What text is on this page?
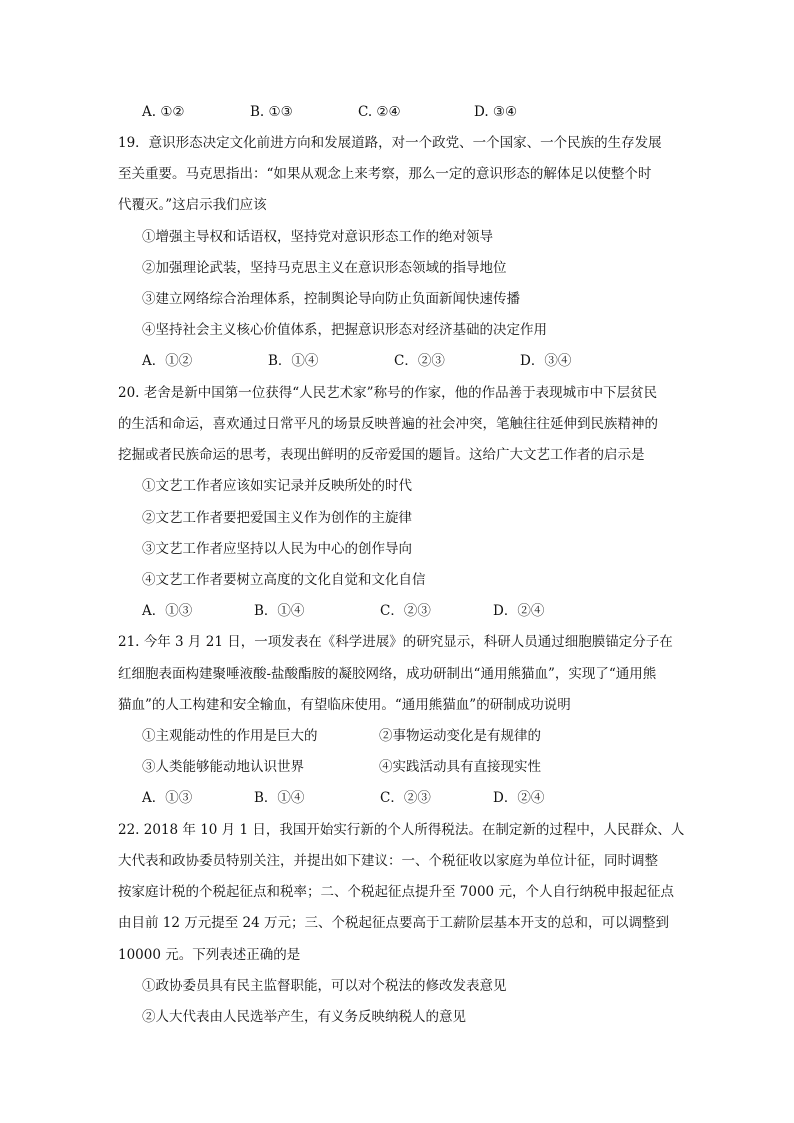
A. ①②	B. ①③	C. ②④	D. ③④
19．意识形态决定文化前进方向和发展道路，对一个政党、一个国家、一个民族的生存发展
至关重要。马克思指出：“如果从观念上来考察，那么一定的意识形态的解体足以使整个时
代覆灭。”这启示我们应该
①增强主导权和话语权，坚持党对意识形态工作的绝对领导
②加强理论武装，坚持马克思主义在意识形态领域的指导地位
③建立网络综合治理体系，控制舆论导向防止负面新闻快速传播
④坚持社会主义核心价值体系，把握意识形态对经济基础的决定作用
A．①②	B．①④	C．②③	D．③④
20. 老舍是新中国第一位获得“人民艺术家”称号的作家，他的作品善于表现城市中下层贫民
的生活和命运，喜欢通过日常平凡的场景反映普遍的社会冲突，笔触往往延伸到民族精神的
挖掘或者民族命运的思考，表现出鲜明的反帝爱国的题旨。这给广大文艺工作者的启示是
①文艺工作者应该如实记录并反映所处的时代
②文艺工作者要把爱国主义作为创作的主旋律
③文艺工作者应坚持以人民为中心的创作导向
④文艺工作者要树立高度的文化自觉和文化自信
A．①③	B．①④	C．②③	D．②④
21. 今年 3 月 21 日，一项发表在《科学进展》的研究显示，科研人员通过细胞膜锚定分子在
红细胞表面构建聚唾液酸-盐酸酯胺的凝胶网络，成功研制出“通用熊猫血”，实现了“通用熊
猫血”的人工构建和安全输血，有望临床使用。“通用熊猫血”的研制成功说明
①主观能动性的作用是巨大的	②事物运动变化是有规律的
③人类能够能动地认识世界	④实践活动具有直接现实性
A．①③	B．①④	C．②③	D．②④
22. 2018 年 10 月 1 日，我国开始实行新的个人所得税法。在制定新的过程中，人民群众、人
大代表和政协委员特别关注，并提出如下建议：一、个税征收以家庭为单位计征，同时调整
按家庭计税的个税起征点和税率；二、个税起征点提升至 7000 元，个人自行纳税申报起征点
由目前 12 万元提至 24 万元；三、个税起征点要高于工薪阶层基本开支的总和，可以调整到
10000 元。下列表述正确的是
①政协委员具有民主监督职能，可以对个税法的修改发表意见
②人大代表由人民选举产生，有义务反映纳税人的意见
